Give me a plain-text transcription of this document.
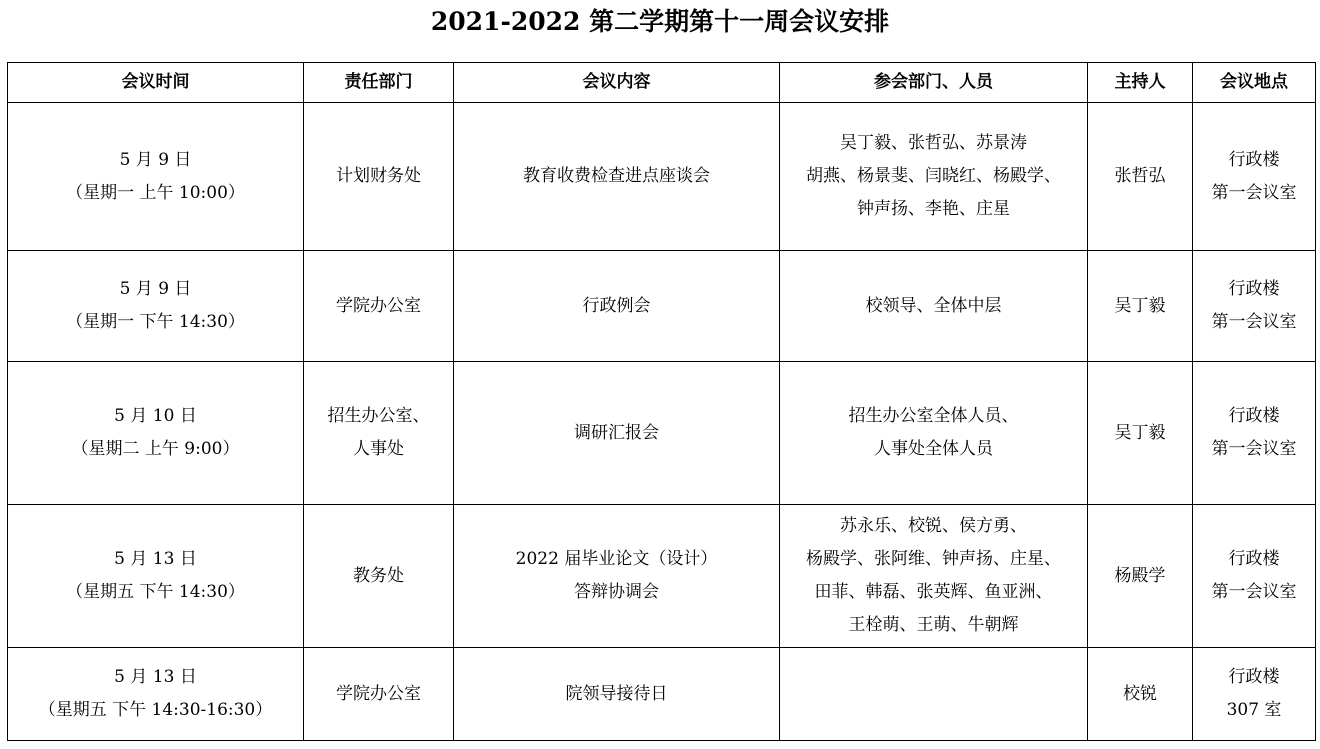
2021-2022 第二学期第十一周会议安排
会议时间	责任部门	会议内容	参会部门、人员	主持人	会议地点

5 月 9 日
（星期一 上午 10:00）	计划财务处	教育收费检查进点座谈会	吴丁毅、张哲弘、苏景涛
胡燕、杨景斐、闫晓红、杨殿学、
钟声扬、李艳、庄星	张哲弘	行政楼
第一会议室

5 月 9 日
（星期一 下午 14:30）	学院办公室	行政例会	校领导、全体中层	吴丁毅	行政楼
第一会议室

5 月 10 日
（星期二 上午 9:00）	招生办公室、
人事处	调研汇报会	招生办公室全体人员、
人事处全体人员	吴丁毅	行政楼
第一会议室

5 月 13 日
（星期五 下午 14:30）	教务处	2022 届毕业论文（设计）
答辩协调会	苏永乐、校锐、侯方勇、
杨殿学、张阿维、钟声扬、庄星、
田菲、韩磊、张英辉、鱼亚洲、
王栓萌、王萌、牛朝辉	杨殿学	行政楼
第一会议室

5 月 13 日
（星期五 下午 14:30-16:30）	学院办公室	院领导接待日		校锐	行政楼
307 室
